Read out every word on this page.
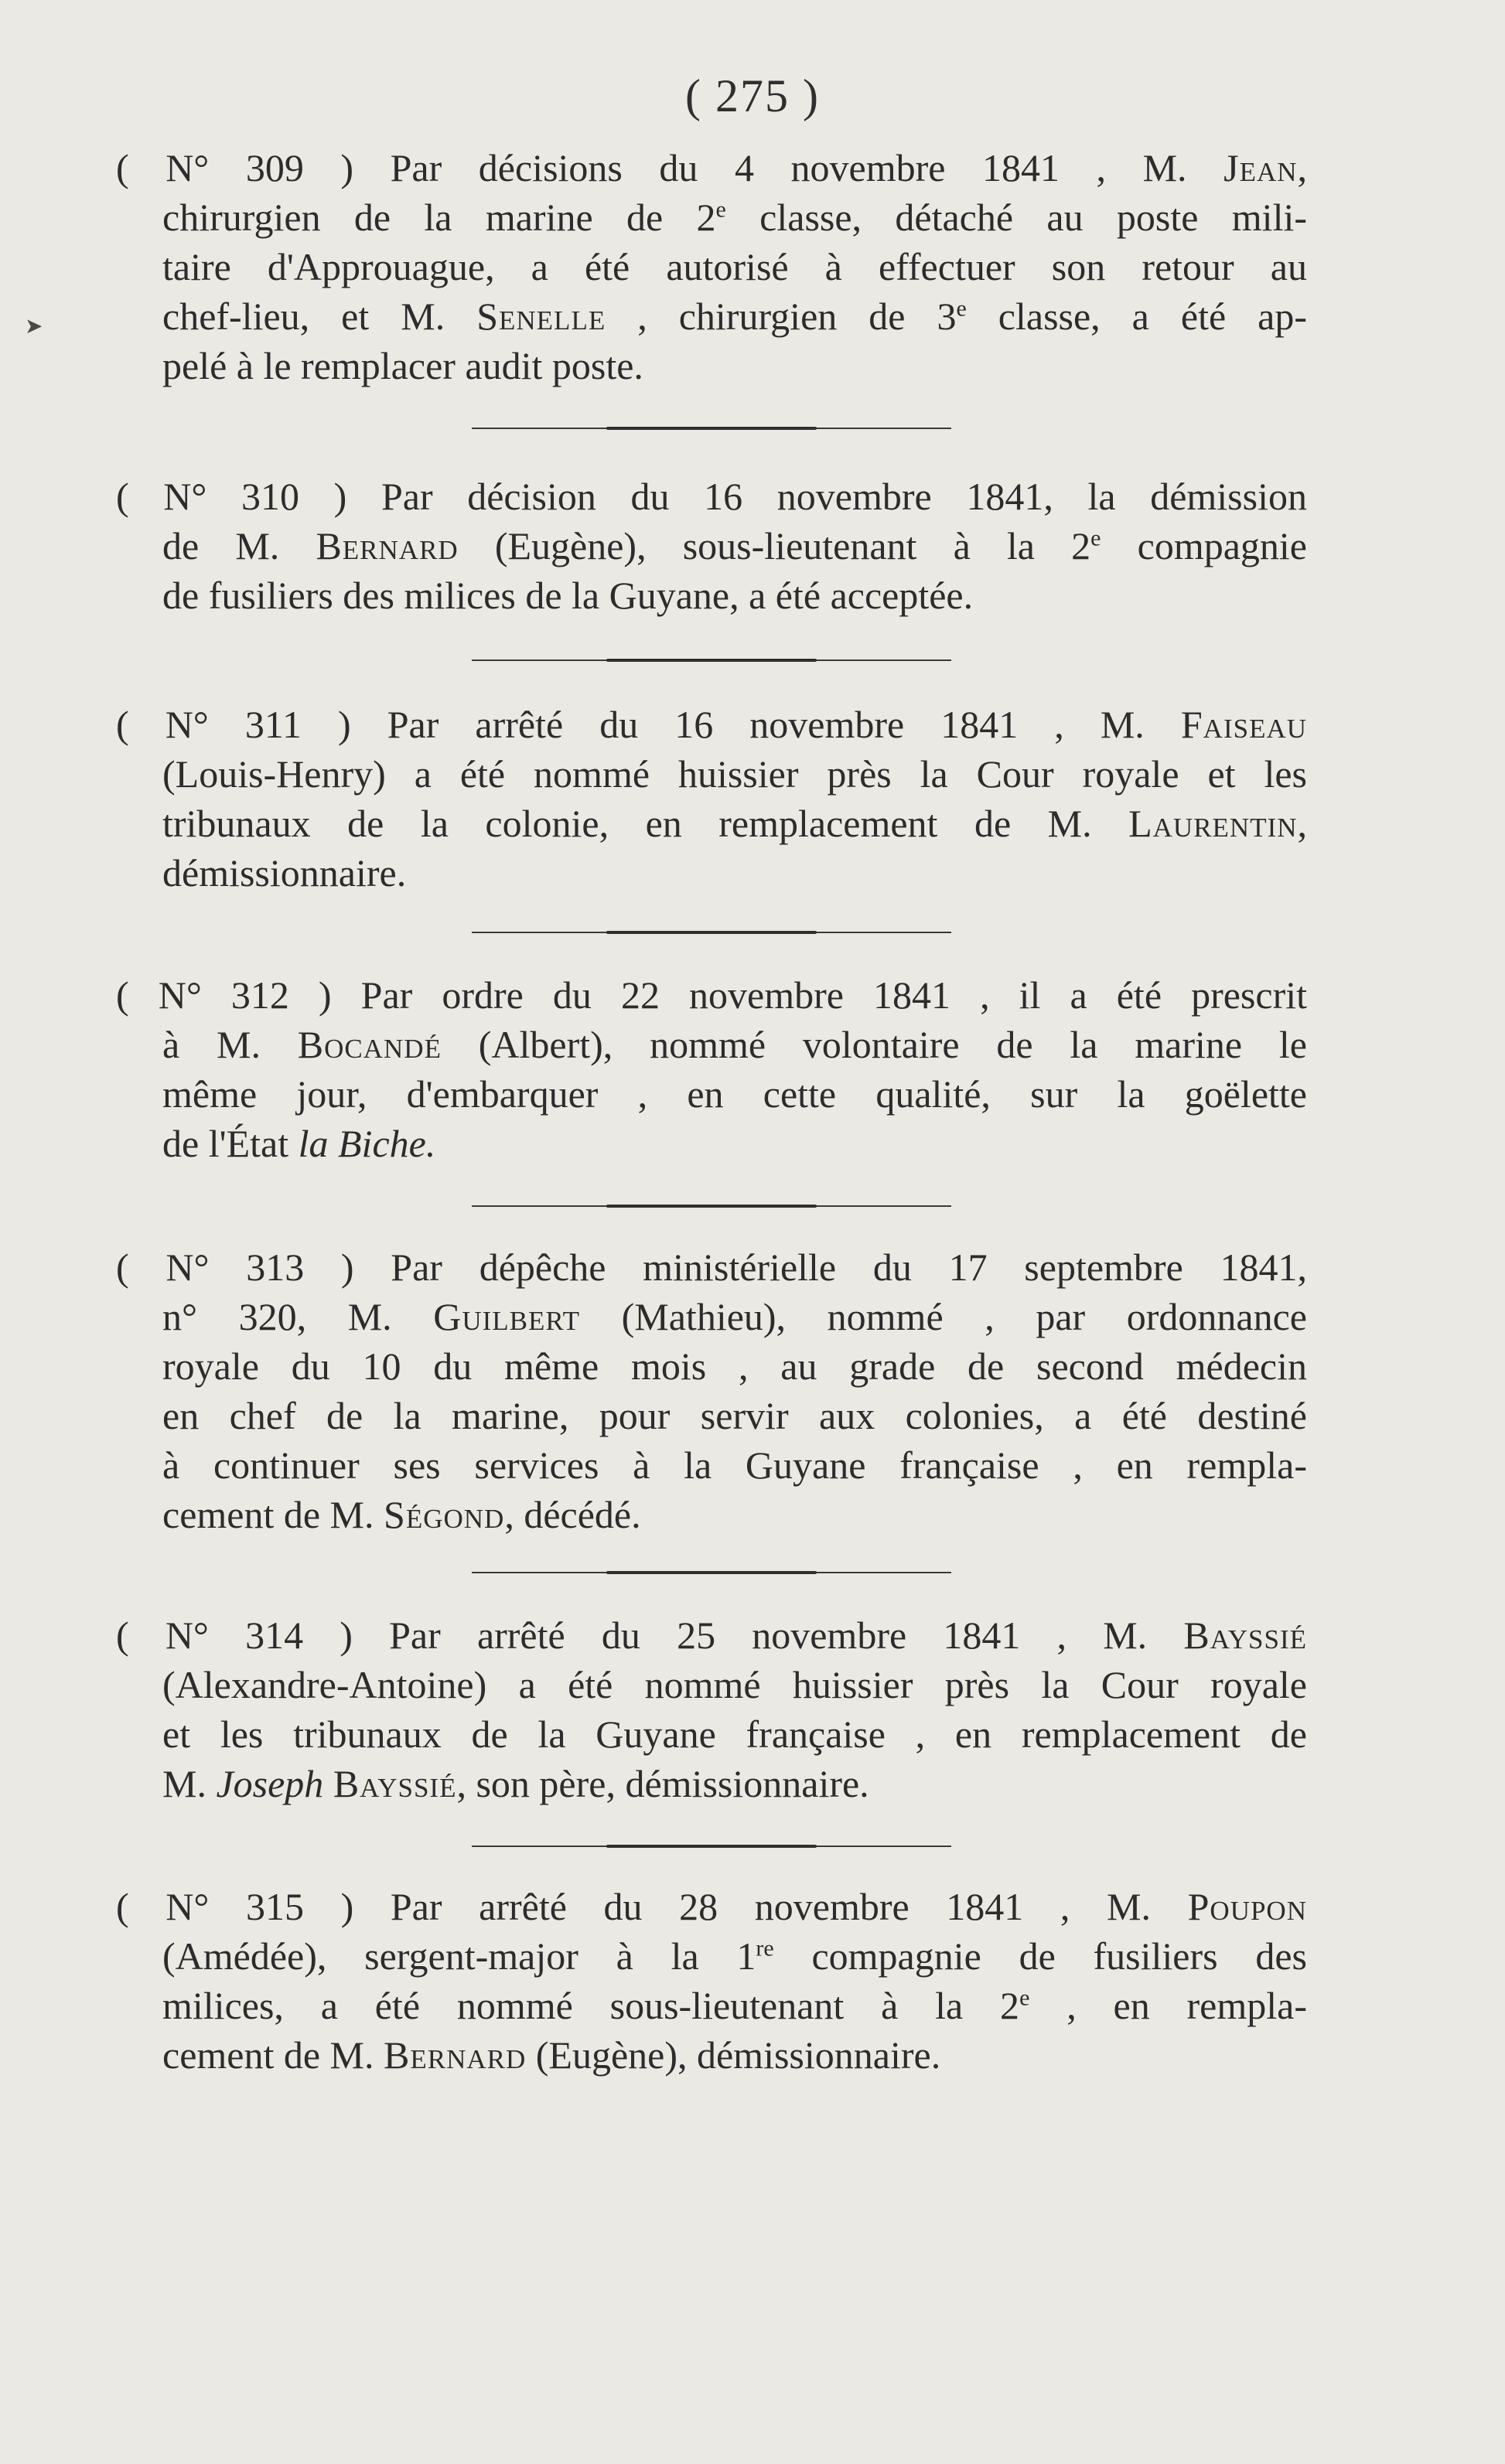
( 275 )
➤
( N° 309 ) Par décisions du 4 novembre 1841 , M. Jean,
chirurgien de la marine de 2e classe, détaché au poste mili-
taire d'Approuague, a été autorisé à effectuer son retour au
chef-lieu, et M. Senelle , chirurgien de 3e classe, a été ap-
pelé à le remplacer audit poste.
( N° 310 ) Par décision du 16 novembre 1841, la démission
de M. Bernard (Eugène), sous-lieutenant à la 2e compagnie
de fusiliers des milices de la Guyane, a été acceptée.
( N° 311 ) Par arrêté du 16 novembre 1841 , M. Faiseau
(Louis-Henry) a été nommé huissier près la Cour royale et les
tribunaux de la colonie, en remplacement de M. Laurentin,
démissionnaire.
( N° 312 ) Par ordre du 22 novembre 1841 , il a été prescrit
à M. Bocandé (Albert), nommé volontaire de la marine le
même jour, d'embarquer , en cette qualité, sur la goëlette
de l'État la Biche.
( N° 313 ) Par dépêche ministérielle du 17 septembre 1841,
n° 320, M. Guilbert (Mathieu), nommé , par ordonnance
royale du 10 du même mois , au grade de second médecin
en chef de la marine, pour servir aux colonies, a été destiné
à continuer ses services à la Guyane française , en rempla-
cement de M. Ségond, décédé.
( N° 314 ) Par arrêté du 25 novembre 1841 , M. Bayssié
(Alexandre-Antoine) a été nommé huissier près la Cour royale
et les tribunaux de la Guyane française , en remplacement de
M. Joseph Bayssié, son père, démissionnaire.
( N° 315 ) Par arrêté du 28 novembre 1841 , M. Poupon
(Amédée), sergent-major à la 1re compagnie de fusiliers des
milices, a été nommé sous-lieutenant à la 2e , en rempla-
cement de M. Bernard (Eugène), démissionnaire.
